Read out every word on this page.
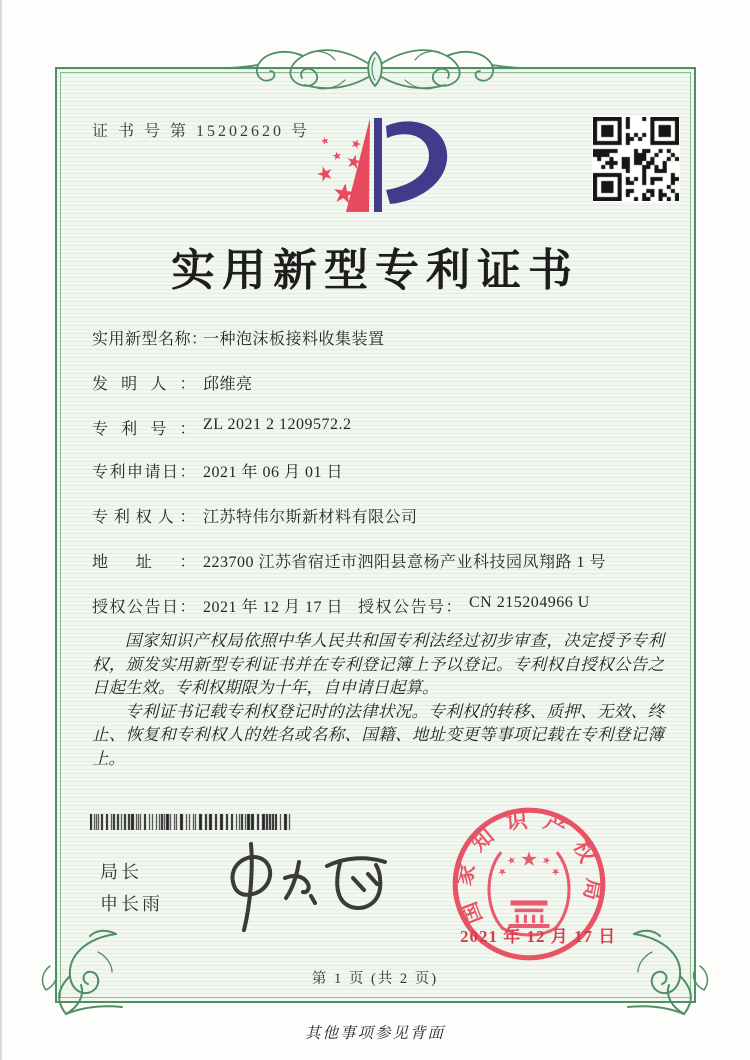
证 书 号 第 15202620 号
实用新型专利证书
实用新型名称：一种泡沫板接料收集装置
发明人： 邱维亮
专利号： ZL 2021 2 1209572.2
专利申请日： 2021 年 06 月 01 日
专利权人： 江苏特伟尔斯新材料有限公司
地址： 223700 江苏省宿迁市泗阳县意杨产业科技园凤翔路 1 号
授权公告日： 2021 年 12 月 17 日 授权公告号： CN 215204966 U

国家知识产权局依照中华人民共和国专利法经过初步审查，决定授予专利权，颁发实用新型专利证书并在专利登记簿上予以登记。专利权自授权公告之日起生效。专利权期限为十年，自申请日起算。

专利证书记载专利权登记时的法律状况。专利权的转移、质押、无效、终止、恢复和专利权人的姓名或名称、国籍、地址变更等事项记载在专利登记簿上。

局长
申长雨	国家知识产权局
2021 年 12 月 17 日
第 1 页 (共 2 页)
其他事项参见背面
